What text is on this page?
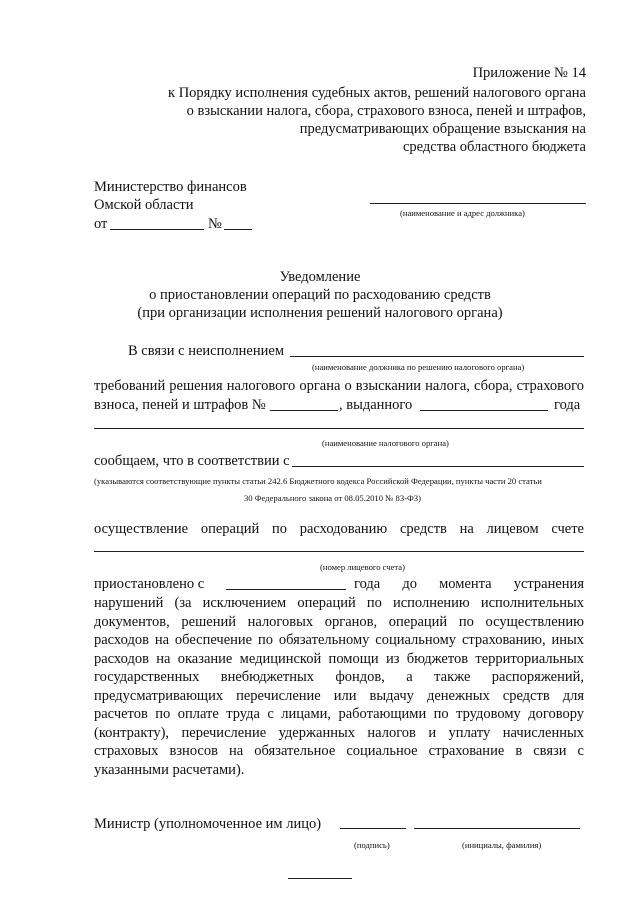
Приложение № 14
к Порядку исполнения судебных актов, решений налогового органа
о взыскании налога, сбора, страхового взноса, пеней и штрафов,
предусматривающих обращение взыскания на
средства областного бюджета
Министерство финансов
Омской области
от	№
(наименование и адрес должника)
Уведомление
о приостановлении операций по расходованию средств
(при организации исполнения решений налогового органа)
В связи с неисполнением
(наименование должника по решению налогового органа)
требований решения налогового органа о взыскании налога, сбора, страхового
взноса, пеней и штрафов №	, выданного	года
(наименование налогового органа)
сообщаем, что в соответствии с
(указываются соответствующие пункты статьи 242.6 Бюджетного кодекса Российской Федерации, пункты части 20 статьи
30 Федерального закона от 08.05.2010 № 83-ФЗ)
осуществление операций по расходованию средств на лицевом счете
(номер лицевого счета)
приостановлено с	года до момента устранения
нарушений (за исключением операций по исполнению исполнительных
документов, решений налоговых органов, операций по осуществлению
расходов на обеспечение по обязательному социальному страхованию, иных
расходов на оказание медицинской помощи из бюджетов территориальных
государственных внебюджетных фондов, а также распоряжений,
предусматривающих перечисление или выдачу денежных средств для
расчетов по оплате труда с лицами, работающими по трудовому договору
(контракту), перечисление удержанных налогов и уплату начисленных
страховых взносов на обязательное социальное страхование в связи с
указанными расчетами).
Министр (уполномоченное им лицо)
(подпись)	(инициалы, фамилия)
